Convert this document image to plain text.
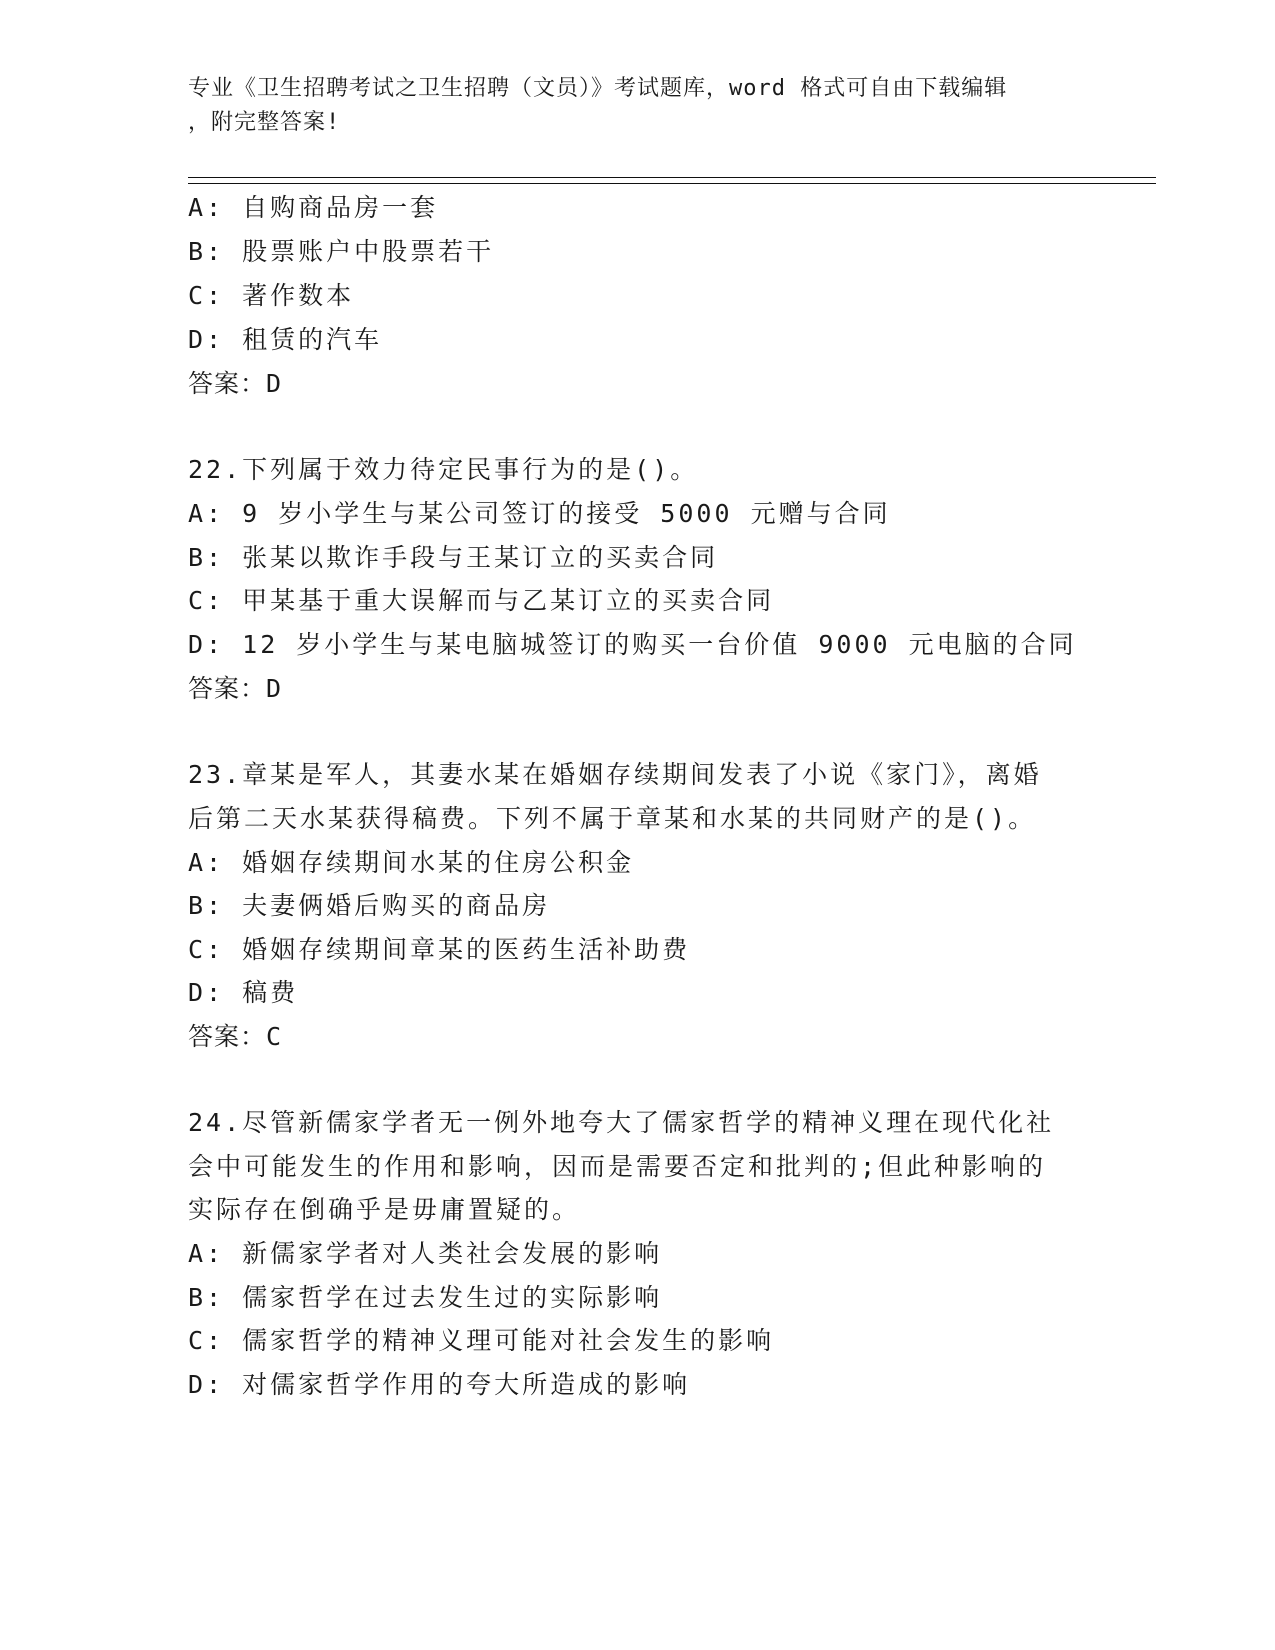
专业《卫生招聘考试之卫生招聘（文员）》考试题库，word 格式可自由下载编辑
，附完整答案!
A: 自购商品房一套
B: 股票账户中股票若干
C: 著作数本
D: 租赁的汽车
答案：D
22.下列属于效力待定民事行为的是()。
A: 9 岁小学生与某公司签订的接受 5000 元赠与合同
B: 张某以欺诈手段与王某订立的买卖合同
C: 甲某基于重大误解而与乙某订立的买卖合同
D: 12 岁小学生与某电脑城签订的购买一台价值 9000 元电脑的合同
答案：D
23.章某是军人，其妻水某在婚姻存续期间发表了小说《家门》，离婚
后第二天水某获得稿费。下列不属于章某和水某的共同财产的是()。
A: 婚姻存续期间水某的住房公积金
B: 夫妻俩婚后购买的商品房
C: 婚姻存续期间章某的医药生活补助费
D: 稿费
答案：C
24.尽管新儒家学者无一例外地夸大了儒家哲学的精神义理在现代化社
会中可能发生的作用和影响，因而是需要否定和批判的;但此种影响的
实际存在倒确乎是毋庸置疑的。
A: 新儒家学者对人类社会发展的影响
B: 儒家哲学在过去发生过的实际影响
C: 儒家哲学的精神义理可能对社会发生的影响
D: 对儒家哲学作用的夸大所造成的影响
